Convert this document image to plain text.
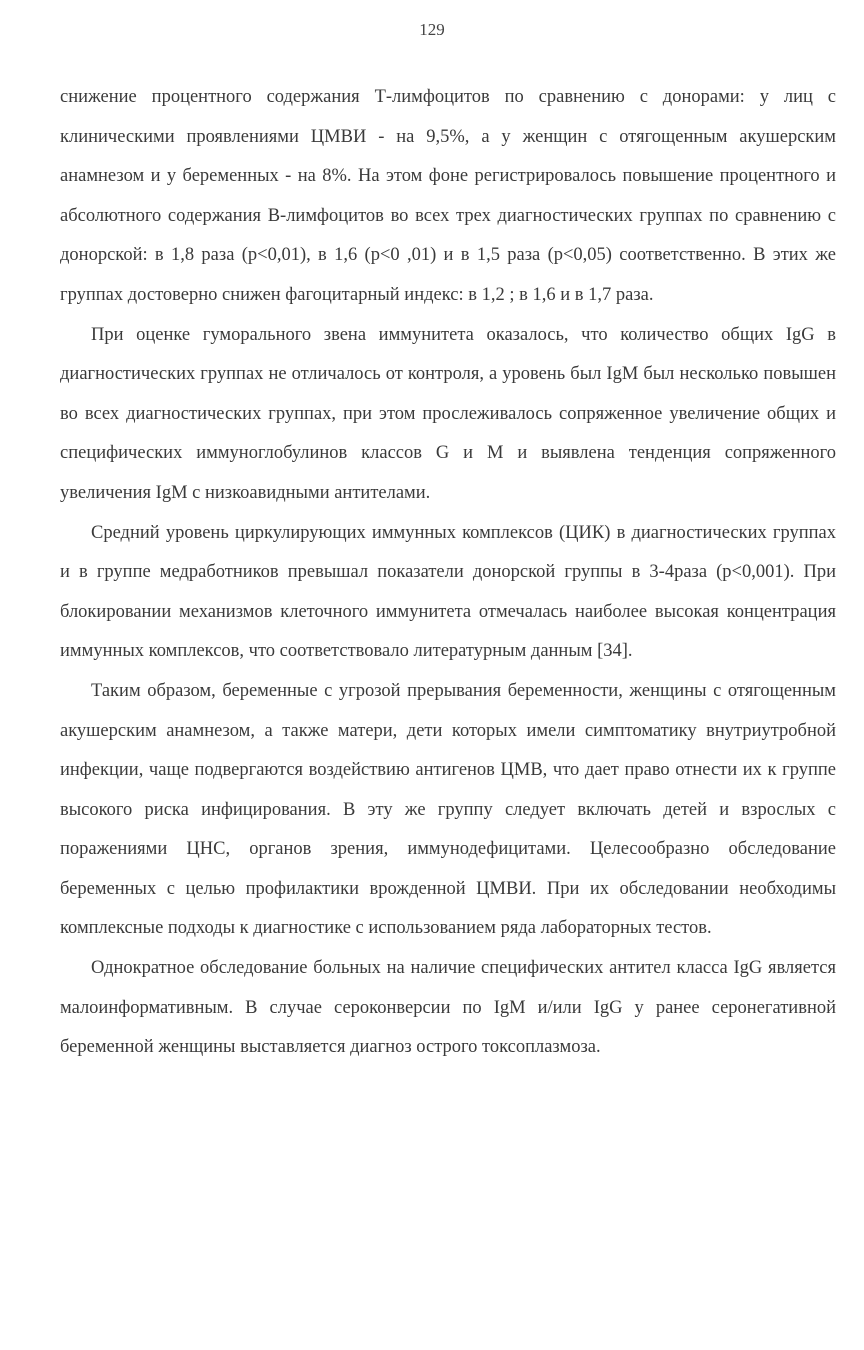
129

снижение процентного содержания Т-лимфоцитов по сравнению с донорами: у лиц с клиническими проявлениями ЦМВИ - на 9,5%, а у женщин с отягощенным акушерским анамнезом и у беременных - на 8%. На этом фоне регистрировалось повышение процентного и абсолютного содержания В-лимфоцитов во всех трех диагностических группах по сравнению с донорской: в 1,8 раза (р<0,01), в 1,6 (р<0 ,01) и в 1,5 раза (р<0,05) соответственно. В этих же группах достоверно снижен фагоцитарный индекс: в 1,2 ; в 1,6 и в 1,7 раза.

При оценке гуморального звена иммунитета оказалось, что количество общих IgG в диагностических группах не отличалось от контроля, а уровень был IgM был несколько повышен во всех диагностических группах, при этом прослеживалось сопряженное увеличение общих и специфических иммуноглобулинов классов G и M и выявлена тенденция сопряженного увеличения IgM с низкоавидными антителами.

Средний уровень циркулирующих иммунных комплексов (ЦИК) в диагностических группах и в группе медработников превышал показатели донорской группы в 3-4раза (р<0,001). При блокировании механизмов клеточного иммунитета отмечалась наиболее высокая концентрация иммунных комплексов, что соответствовало литературным данным [34].

Таким образом, беременные с угрозой прерывания беременности, женщины с отягощенным акушерским анамнезом, а также матери, дети которых имели симптоматику внутриутробной инфекции, чаще подвергаются воздействию антигенов ЦМВ, что дает право отнести их к группе высокого риска инфицирования. В эту же группу следует включать детей и взрослых с поражениями ЦНС, органов зрения, иммунодефицитами. Целесообразно обследование беременных с целью профилактики врожденной ЦМВИ. При их обследовании необходимы комплексные подходы к диагностике с использованием ряда лабораторных тестов.

Однократное обследование больных на наличие специфических антител класса IgG является малоинформативным. В случае сероконверсии по IgM и/или IgG у ранее серонегативной беременной женщины выставляется диагноз острого токсоплазмоза.
